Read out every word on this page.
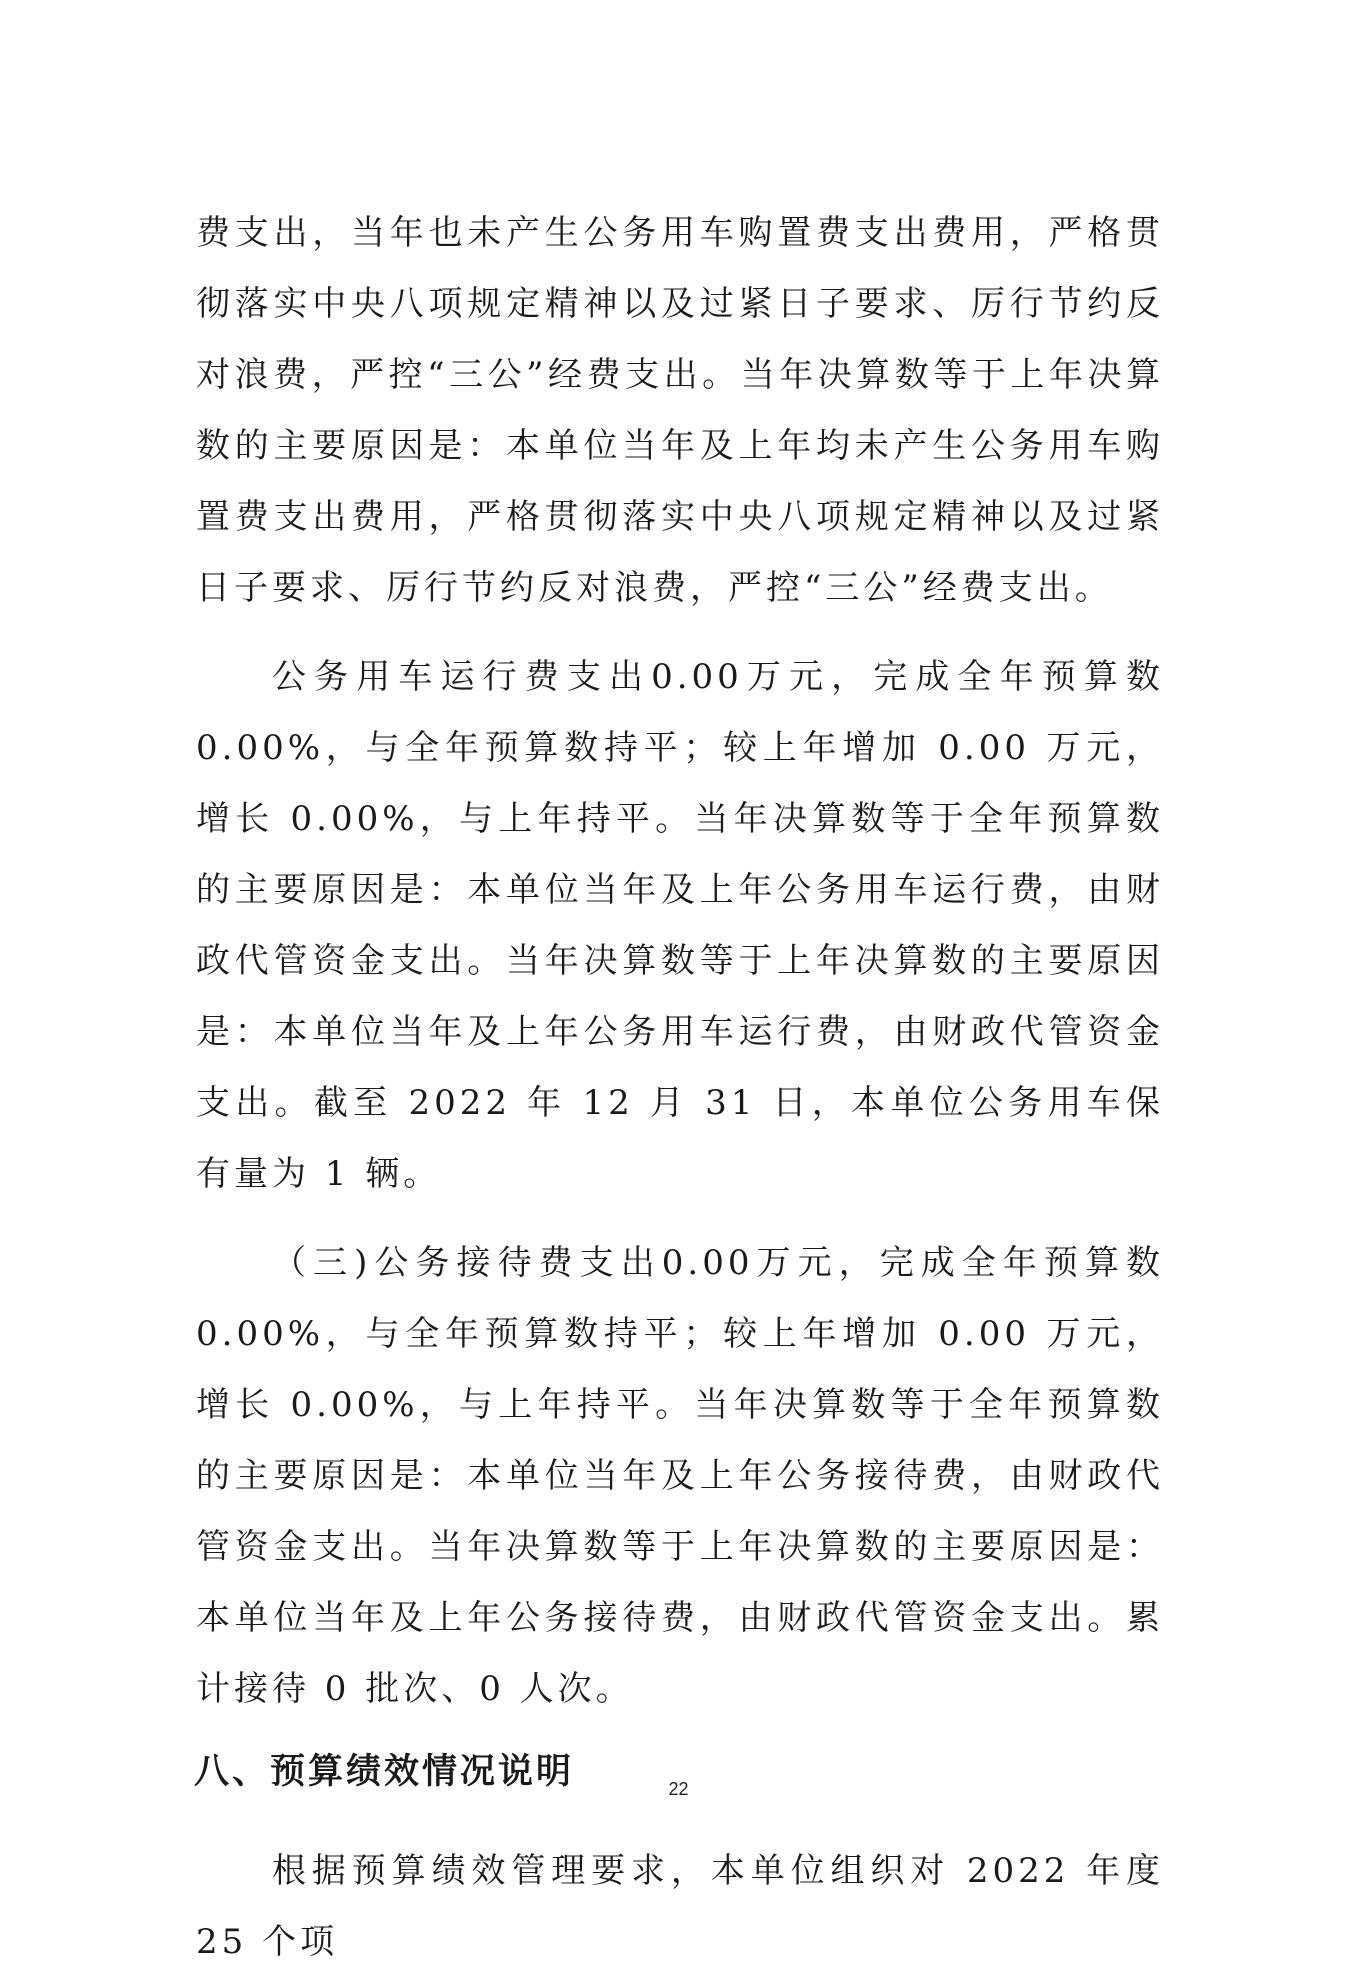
费支出，当年也未产生公务用车购置费支出费用，严格贯彻落实中央八项规定精神以及过紧日子要求、厉行节约反对浪费，严控“三公”经费支出。当年决算数等于上年决算数的主要原因是：本单位当年及上年均未产生公务用车购置费支出费用，严格贯彻落实中央八项规定精神以及过紧日子要求、厉行节约反对浪费，严控“三公”经费支出。

公务用车运行费支出0.00万元，完成全年预算数0.00%，与全年预算数持平；较上年增加 0.00 万元，增长 0.00%，与上年持平。当年决算数等于全年预算数的主要原因是：本单位当年及上年公务用车运行费，由财政代管资金支出。当年决算数等于上年决算数的主要原因是：本单位当年及上年公务用车运行费，由财政代管资金支出。截至 2022 年 12 月 31 日，本单位公务用车保有量为 1 辆。

（三)公务接待费支出0.00万元，完成全年预算数0.00%，与全年预算数持平；较上年增加 0.00 万元，增长 0.00%，与上年持平。当年决算数等于全年预算数的主要原因是：本单位当年及上年公务接待费，由财政代管资金支出。当年决算数等于上年决算数的主要原因是：本单位当年及上年公务接待费，由财政代管资金支出。累计接待 0 批次、0 人次。

八、预算绩效情况说明

根据预算绩效管理要求，本单位组织对 2022 年度 25 个项

22
